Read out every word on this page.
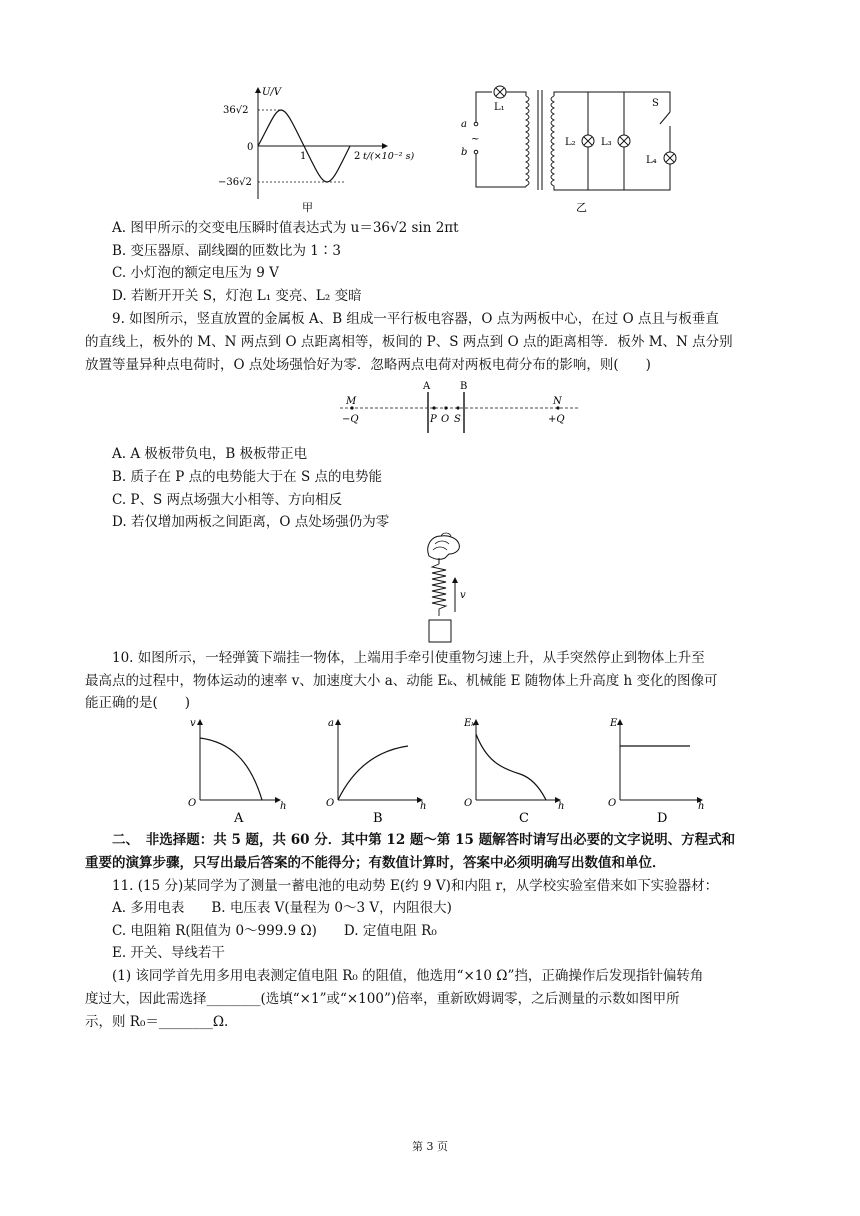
U/V
36√2
0
1	2 t/(×10⁻² s)
−36√2
甲
a
b
~
L₁
L₂	L₃
S
L₄
乙
A. 图甲所示的交变电压瞬时值表达式为 u＝36√2 sin 2πt
B. 变压器原、副线圈的匝数比为 1∶3
C. 小灯泡的额定电压为 9 V
D. 若断开开关 S，灯泡 L₁ 变亮、L₂ 变暗
9. 如图所示，竖直放置的金属板 A、B 组成一平行板电容器，O 点为两板中心，在过 O 点且与板垂直
的直线上，板外的 M、N 两点到 O 点距离相等，板间的 P、S 两点到 O 点的距离相等．板外 M、N 点分别
放置等量异种点电荷时，O 点处场强恰好为零．忽略两点电荷对两板电荷分布的影响，则(　　)
A	B
M	N
−Q	+Q
P O S
A. A 极板带负电，B 极板带正电
B. 质子在 P 点的电势能大于在 S 点的电势能
C. P、S 两点场强大小相等、方向相反
D. 若仅增加两板之间距离，O 点处场强仍为零
v
10. 如图所示，一轻弹簧下端挂一物体，上端用手牵引使重物匀速上升，从手突然停止到物体上升至
最高点的过程中，物体运动的速率 v、加速度大小 a、动能 Eₖ、机械能 E 随物体上升高度 h 变化的图像可
能正确的是(　　)
v
h
O
A
a
h
O
B
Eₖ
h
O
C
E
h
O
D
二、　非选择题：共 5 题，共 60 分．其中第 12 题～第 15 题解答时请写出必要的文字说明、方程式和
重要的演算步骤，只写出最后答案的不能得分；有数值计算时，答案中必须明确写出数值和单位．
11. (15 分)某同学为了测量一蓄电池的电动势 E(约 9 V)和内阻 r，从学校实验室借来如下实验器材：
A. 多用电表　　B. 电压表 V(量程为 0～3 V，内阻很大)
C. 电阻箱 R(阻值为 0～999.9 Ω)　　D. 定值电阻 R₀
E. 开关、导线若干
(1) 该同学首先用多用电表测定值电阻 R₀ 的阻值，他选用“×10 Ω”挡，正确操作后发现指针偏转角
度过大，因此需选择________(选填“×1”或“×100”)倍率，重新欧姆调零，之后测量的示数如图甲所
示，则 R₀＝________Ω.
第 3 页
